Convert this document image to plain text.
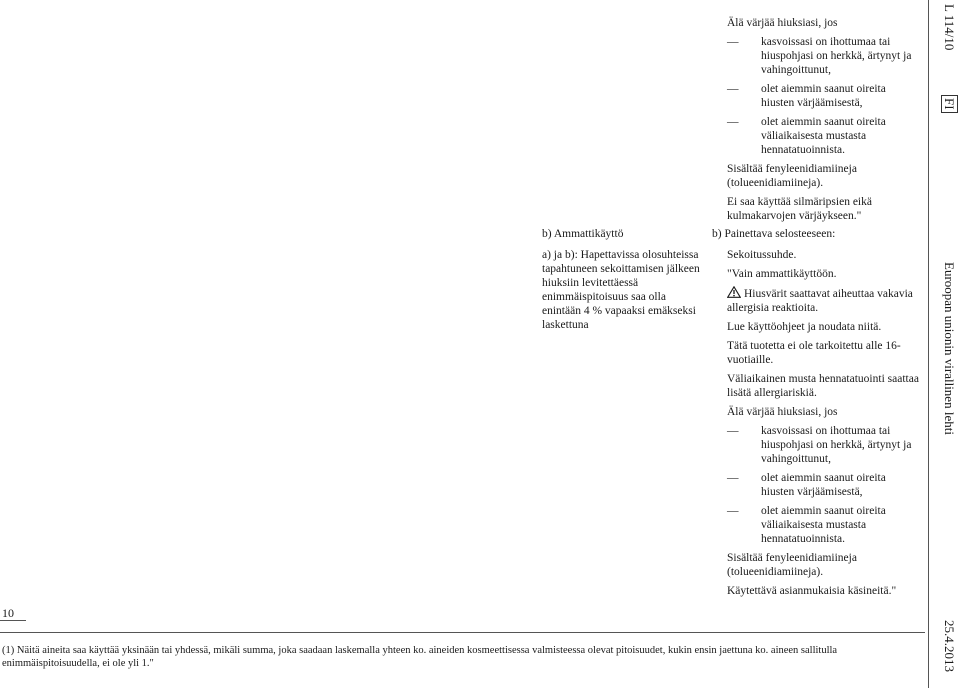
Älä värjää hiuksiasi, jos

— kasvoissasi on ihottumaa tai hiuspohjasi on herkkä, ärtynyt ja vahingoittunut,

— olet aiemmin saanut oireita hiusten värjäämisestä,

— olet aiemmin saanut oireita väliaikaisesta mustasta hennatatuoinnista.

Sisältää fenyleenidiamiineja (tolueenidiamiineja).

Ei saa käyttää silmäripsien eikä kulmakarvojen värjäykseen."

b) Ammattikäyttö

a) ja b): Hapettavissa olosuhteissa tapahtuneen sekoittamisen jälkeen hiuksiin levitettäessä enimmäispitoisuus saa olla enintään 4 % vapaaksi emäkseksi laskettuna

b) Painettava selosteeseen:

Sekoitussuhde.

"Vain ammattikäyttöön.

Hiusvärit saattavat aiheuttaa vakavia allergisia reaktioita.

Lue käyttöohjeet ja noudata niitä.

Tätä tuotetta ei ole tarkoitettu alle 16-vuotiaille.

Väliaikainen musta hennatatuointi saattaa lisätä allergiariskiä.

Älä värjää hiuksiasi, jos

— kasvoissasi on ihottumaa tai hiuspohjasi on herkkä, ärtynyt ja vahingoittunut,

— olet aiemmin saanut oireita hiusten värjäämisestä,

— olet aiemmin saanut oireita väliaikaisesta mustasta hennatatuoinnista.

Sisältää fenyleenidiamiineja (tolueenidiamiineja).

Käytettävä asianmukaisia käsineitä."

10
(1) Näitä aineita saa käyttää yksinään tai yhdessä, mikäli summa, joka saadaan laskemalla yhteen ko. aineiden kosmeettisessa valmisteessa olevat pitoisuudet, kukin ensin jaettuna ko. aineen sallitulla enimmäispitoisuudella, ei ole yli 1."
L 114/10
FI
Euroopan unionin virallinen lehti
25.4.2013
